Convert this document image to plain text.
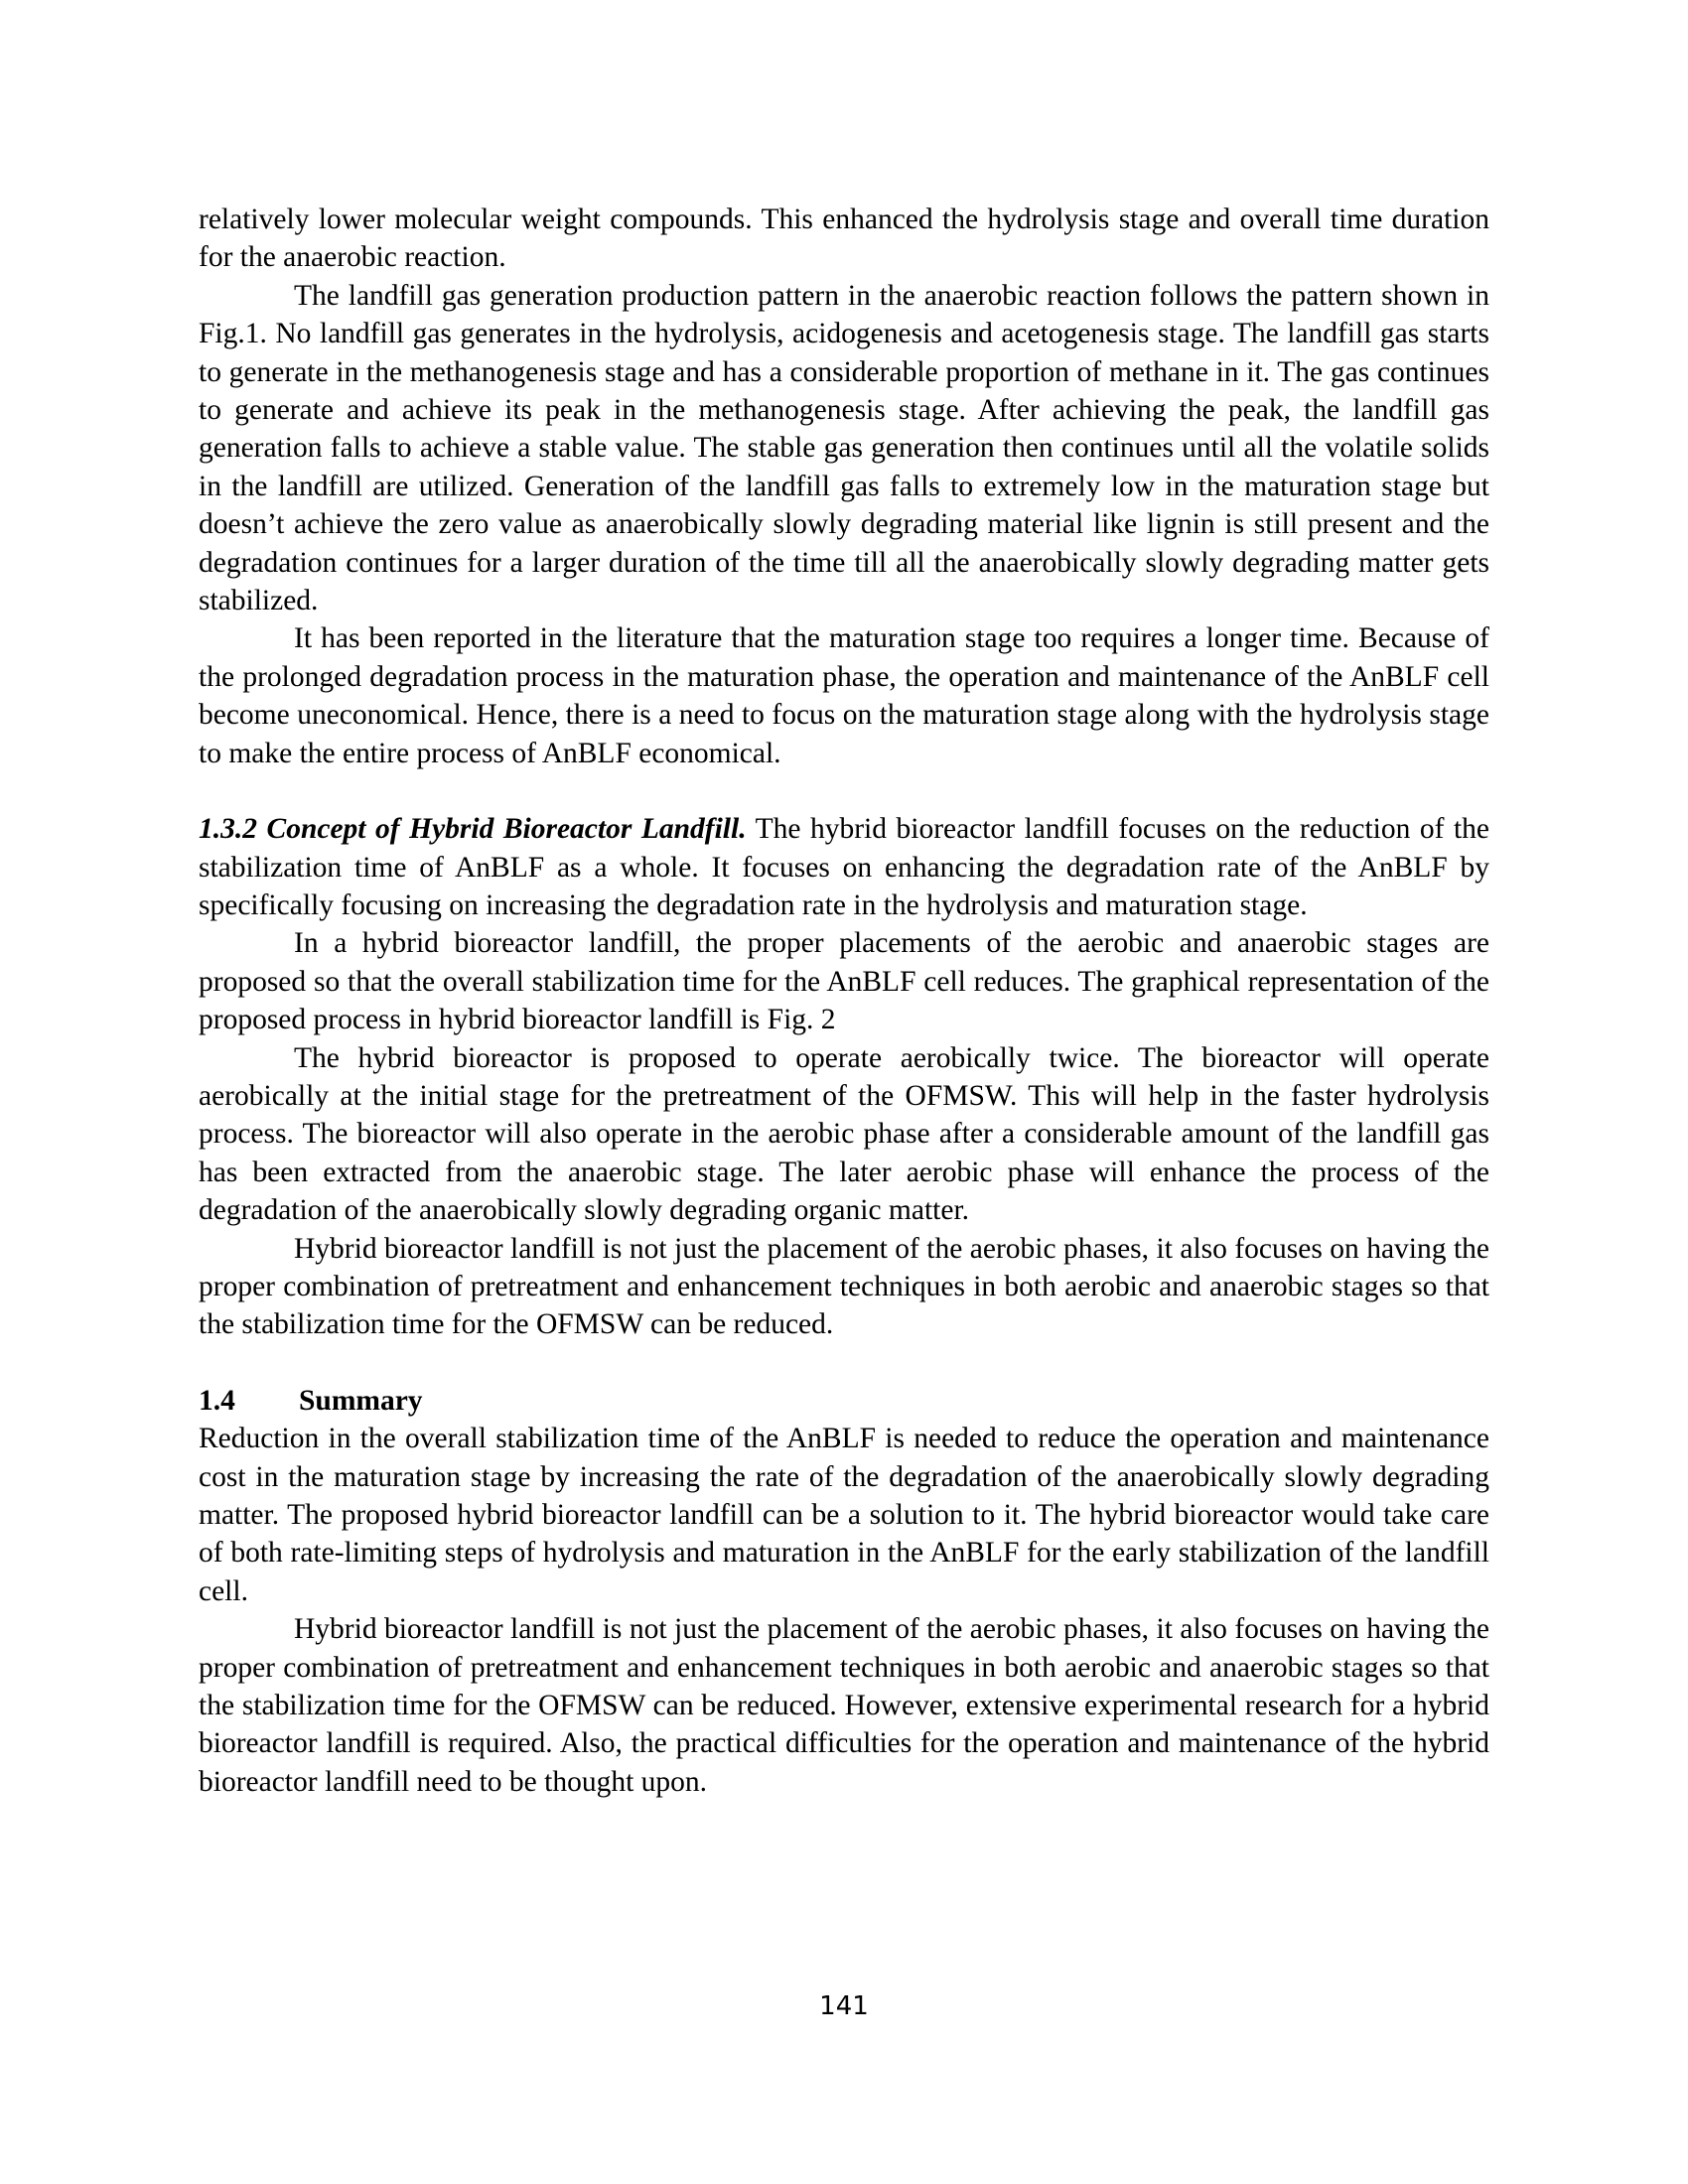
relatively lower molecular weight compounds. This enhanced the hydrolysis stage and overall time duration for the anaerobic reaction.

The landfill gas generation production pattern in the anaerobic reaction follows the pattern shown in Fig.1. No landfill gas generates in the hydrolysis, acidogenesis and acetogenesis stage. The landfill gas starts to generate in the methanogenesis stage and has a considerable proportion of methane in it. The gas continues to generate and achieve its peak in the methanogenesis stage. After achieving the peak, the landfill gas generation falls to achieve a stable value. The stable gas generation then continues until all the volatile solids in the landfill are utilized. Generation of the landfill gas falls to extremely low in the maturation stage but doesn’t achieve the zero value as anaerobically slowly degrading material like lignin is still present and the degradation continues for a larger duration of the time till all the anaerobically slowly degrading matter gets stabilized.

It has been reported in the literature that the maturation stage too requires a longer time. Because of the prolonged degradation process in the maturation phase, the operation and maintenance of the AnBLF cell become uneconomical. Hence, there is a need to focus on the maturation stage along with the hydrolysis stage to make the entire process of AnBLF economical.

1.3.2 Concept of Hybrid Bioreactor Landfill. The hybrid bioreactor landfill focuses on the reduction of the stabilization time of AnBLF as a whole. It focuses on enhancing the degradation rate of the AnBLF by specifically focusing on increasing the degradation rate in the hydrolysis and maturation stage.

In a hybrid bioreactor landfill, the proper placements of the aerobic and anaerobic stages are proposed so that the overall stabilization time for the AnBLF cell reduces. The graphical representation of the proposed process in hybrid bioreactor landfill is Fig. 2

The hybrid bioreactor is proposed to operate aerobically twice. The bioreactor will operate aerobically at the initial stage for the pretreatment of the OFMSW. This will help in the faster hydrolysis process. The bioreactor will also operate in the aerobic phase after a considerable amount of the landfill gas has been extracted from the anaerobic stage. The later aerobic phase will enhance the process of the degradation of the anaerobically slowly degrading organic matter.

Hybrid bioreactor landfill is not just the placement of the aerobic phases, it also focuses on having the proper combination of pretreatment and enhancement techniques in both aerobic and anaerobic stages so that the stabilization time for the OFMSW can be reduced.

1.4 Summary

Reduction in the overall stabilization time of the AnBLF is needed to reduce the operation and maintenance cost in the maturation stage by increasing the rate of the degradation of the anaerobically slowly degrading matter. The proposed hybrid bioreactor landfill can be a solution to it. The hybrid bioreactor would take care of both rate-limiting steps of hydrolysis and maturation in the AnBLF for the early stabilization of the landfill cell.

Hybrid bioreactor landfill is not just the placement of the aerobic phases, it also focuses on having the proper combination of pretreatment and enhancement techniques in both aerobic and anaerobic stages so that the stabilization time for the OFMSW can be reduced. However, extensive experimental research for a hybrid bioreactor landfill is required. Also, the practical difficulties for the operation and maintenance of the hybrid bioreactor landfill need to be thought upon.

141
